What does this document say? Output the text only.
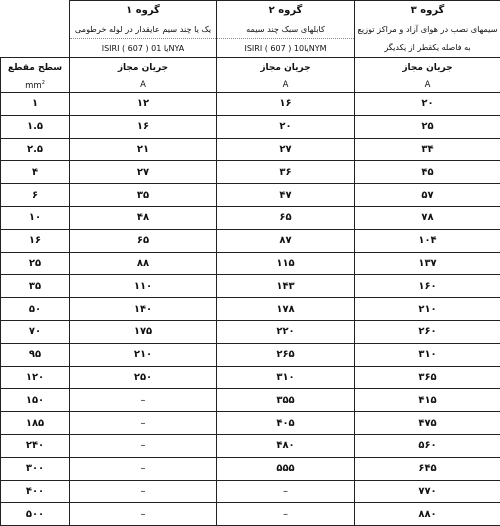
	گروه ۱	گروه ۲	گروه ۳
	یک یا چند سیم عایقدار در لوله خرطومی	کابلهای سبک چند سیمه	سیمهای نصب در هوای آزاد و مراکز توزیع
	ISIRI ( 607 ) 01 یاNYA	ISIRI ( 607 ) 10یاNYM	به فاصله یکقطر از یکدیگر
سطح مقطع	جریان مجاز	جریان مجاز	جریان مجاز
$mm^2$	A	A	A
۱	۱۲	۱۶	۲۰
۱.۵	۱۶	۲۰	۲۵
۲.۵	۲۱	۲۷	۳۴
۴	۲۷	۳۶	۴۵
۶	۳۵	۴۷	۵۷
۱۰	۴۸	۶۵	۷۸
۱۶	۶۵	۸۷	۱۰۴
۲۵	۸۸	۱۱۵	۱۳۷
۳۵	۱۱۰	۱۴۳	۱۶۰
۵۰	۱۴۰	۱۷۸	۲۱۰
۷۰	۱۷۵	۲۲۰	۲۶۰
۹۵	۲۱۰	۲۶۵	۳۱۰
۱۲۰	۲۵۰	۳۱۰	۳۶۵
۱۵۰	–	۳۵۵	۴۱۵
۱۸۵	–	۴۰۵	۴۷۵
۲۴۰	–	۴۸۰	۵۶۰
۳۰۰	–	۵۵۵	۶۴۵
۴۰۰	–	–	۷۷۰
۵۰۰	–	–	۸۸۰
